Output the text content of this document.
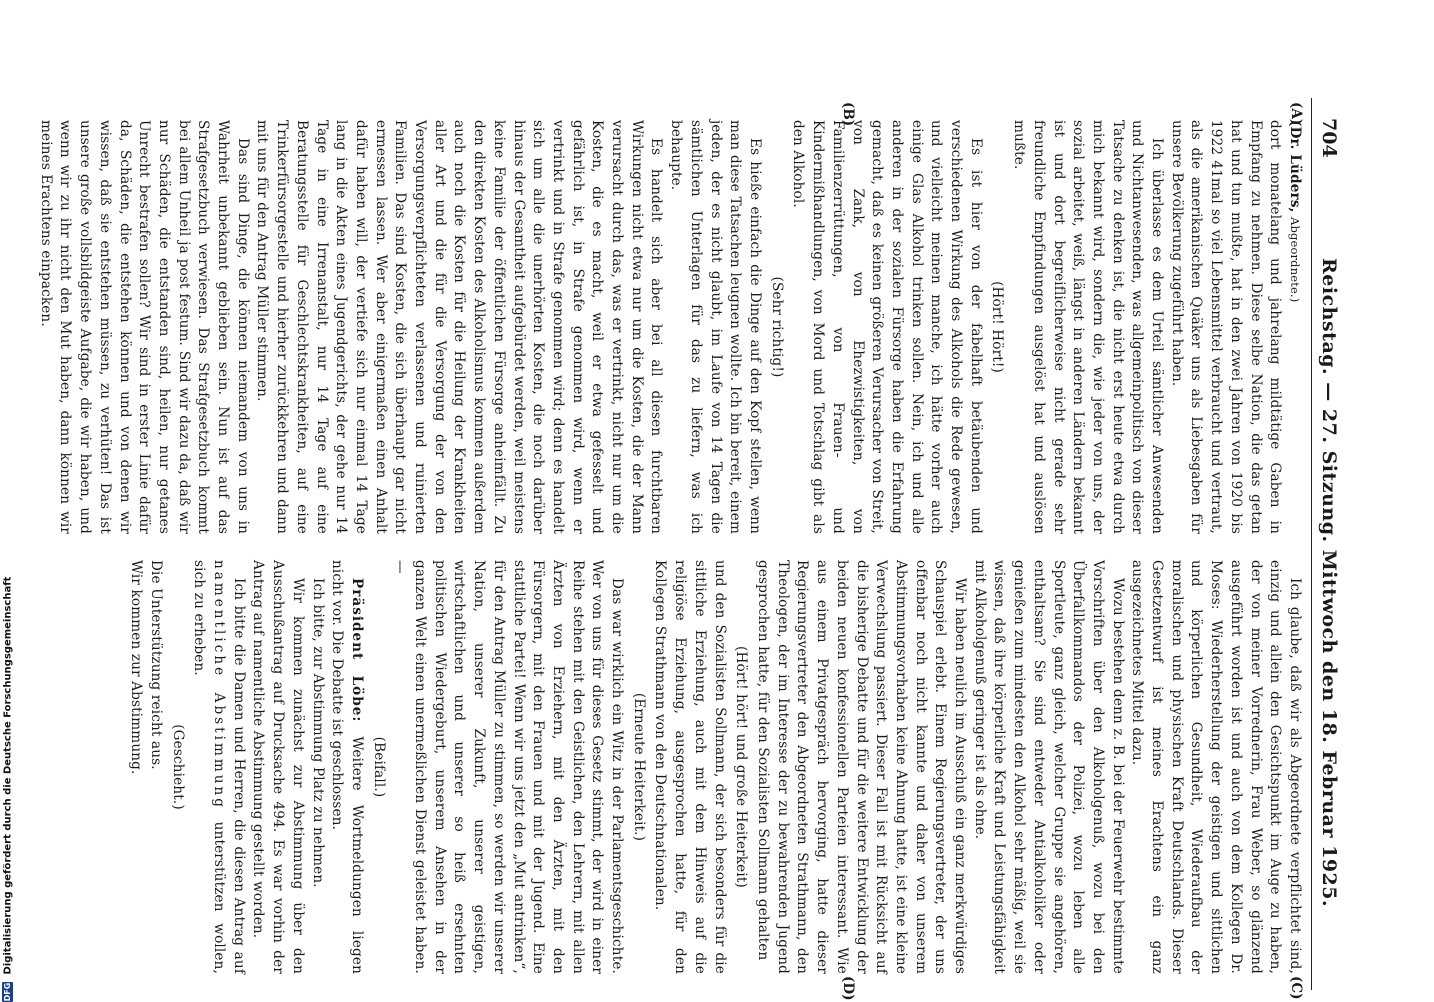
704
Reichstag. — 27. Sitzung. Mittwoch den 18. Februar 1925.
(A)
(B)
(C)
(D)

(Dr. Lüders, Abgeordnete.)

dort monatelang und jahrelang mildtätige Gaben in Empfang zu nehmen. Diese selbe Nation, die das getan hat und tun mußte, hat in den zwei Jahren von 1920 bis 1922 41mal so viel Lebensmittel verbraucht und vertraut, als die amerikanischen Quäker uns als Liebesgaben für unsere Bevölkerung zugeführt haben.

Ich überlasse es dem Urteil sämtlicher Anwesenden und Nichtanwesenden, was allgemeinpolitisch von dieser Tatsache zu denken ist, die nicht erst heute etwa durch mich bekannt wird, sondern die, wie jeder von uns, der sozial arbeitet, weiß, längst in anderen Ländern bekannt ist und dort begreiflicherweise nicht gerade sehr freundliche Empfindungen ausgelöst hat und auslösen mußte.

(Hört! Hört!)

Es ist hier von der fabelhaft betäubenden und verschiedenen Wirkung des Alkohols die Rede gewesen, und vielleicht meinen manche, ich hätte vorher auch einige Glas Alkohol trinken sollen. Nein, ich und alle anderen in der sozialen Fürsorge haben die Erfahrung gemacht, daß es keinen größeren Verursacher von Streit, von Zank, von Ehezwistigkeiten, von Familienzerrüttungen, von Frauen- und Kindermißhandlungen, von Mord und Totschlag gibt als den Alkohol.

(Sehr richtig!)

Es hieße einfach die Dinge auf den Kopf stellen, wenn man diese Tatsachen leugnen wollte. Ich bin bereit, einem jeden, der es nicht glaubt, im Laufe von 14 Tagen die sämtlichen Unterlagen für das zu liefern, was ich behaupte.

Es handelt sich aber bei all diesen furchtbaren Wirkungen nicht etwa nur um die Kosten, die der Mann verursacht durch das, was er vertrinkt, nicht nur um die Kosten, die es macht, weil er etwa gefesselt und gefährlich ist, in Strafe genommen wird, wenn er vertrinkt und in Strafe genommen wird; denn es handelt sich um alle die unerhörten Kosten, die noch darüber hinaus der Gesamtheit aufgebürdet werden, weil meistens keine Familie der öffentlichen Fürsorge anheimfällt. Zu den direkten Kosten des Alkoholismus kommen außerdem auch noch die Kosten für die Heilung der Krankheiten aller Art und die für die Versorgung der von den Versorgungsverpflichteten verlassenen und ruinierten Familien. Das sind Kosten, die sich überhaupt gar nicht ermessen lassen. Wer aber einigermaßen einen Anhalt dafür haben will, der vertiefe sich nur einmal 14 Tage lang in die Akten eines Jugendgerichts, der gehe nur 14 Tage in eine Irrenanstalt, nur 14 Tage auf eine Beratungsstelle für Geschlechtskrankheiten, auf eine Trinkerfürsorgestelle und hierher zurückkehren und dann mit uns für den Antrag Müller stimmen.

Das sind Dinge, die können niemandem von uns in Wahrheit unbekannt geblieben sein. Nun ist auf das Strafgesetzbuch verwiesen. Das Strafgesetzbuch kommt bei allem Unheil ja post festum. Sind wir dazu da, daß wir nur Schäden, die entstanden sind, heilen, nur getanes Unrecht bestrafen sollen? Wir sind in erster Linie dafür da, Schäden, die entstehen können und von denen wir wissen, daß sie entstehen müssen, zu verhüten! Das ist unsere große vollsbildgeiste Aufgabe, die wir haben, und wenn wir zu ihr nicht den Mut haben, dann können wir meines Erachtens einpacken.

Ich glaube, daß wir als Abgeordnete verpflichtet sind, einzig und allein den Gesichtspunkt im Auge zu haben, der von meiner Vorrednerin, Frau Weber, so glänzend ausgeführt worden ist und auch von dem Kollegen Dr. Moses: Wiederherstellung der geistigen und sittlichen und körperlichen Gesundheit, Wiederaufbau der moralischen und physischen Kraft Deutschlands. Dieser Gesetzentwurf ist meines Erachtens ein ganz ausgezeichnetes Mittel dazu.

Wozu bestehen denn z. B. bei der Feuerwehr bestimmte Vorschriften über den Alkoholgenuß, wozu bei den Überfallkommandos der Polizei, wozu leben alle Sportleute, ganz gleich, welcher Gruppe sie angehören, enthaltsam? Sie sind entweder Antialkoholiker oder genießen zum mindesten den Alkohol sehr mäßig, weil sie wissen, daß ihre körperliche Kraft und Leistungsfähigkeit mit Alkoholgenuß geringer ist als ohne.

Wir haben neulich im Ausschuß ein ganz merkwürdiges Schauspiel erlebt. Einem Regierungsvertreter, der uns offenbar noch nicht kannte und daher von unserem Abstimmungsvorhaben keine Ahnung hatte, ist eine kleine Verwechslung passiert. Dieser Fall ist mit Rücksicht auf die bisherige Debatte und für die weitere Entwicklung der beiden neuen konfessionellen Parteien interessant. Wie aus einem Privatgespräch hervorging, hatte dieser Regierungsvertreter den Abgeordneten Strathmann, den Theologen, der im Interesse der zu bewahrenden Jugend gesprochen hatte, für den Sozialisten Sollmann gehalten

(Hört! hört! und große Heiterkeit)

und den Sozialisten Sollmann, der sich besonders für die sittliche Erziehung, auch mit dem Hinweis auf die religiöse Erziehung, ausgesprochen hatte, für den Kollegen Strathmann von den Deutschnationalen.

(Erneute Heiterkeit.)

Das war wirklich ein Witz in der Parlamentsgeschichte. Wer von uns für dieses Gesetz stimmt, der wird in einer Reihe stehen mit den Geistlichen, den Lehrern, mit allen Ärzten von Erziehern, mit den Ärzten, mit den Fürsorgern, mit den Frauen und mit der Jugend. Eine stattliche Partei! Wenn wir uns jetzt den „Mut antrinken“, für den Antrag Müller zu stimmen, so werden wir unserer Nation, unserer Zukunft, unserer geistigen, wirtschaftlichen und unserer so heiß ersehnten politischen Wiedergeburt, unserem Ansehen in der ganzen Welt einen unermeßlichen Dienst geleistet haben. —

(Beifall.)

Präsident Löbe: Weitere Wortmeldungen liegen nicht vor. Die Debatte ist geschlossen.

Ich bitte, zur Abstimmung Platz zu nehmen.

Wir kommen zunächst zur Abstimmung über den Ausschußantrag auf Drucksache 494. Es war vorhin der Antrag auf namentliche Abstimmung gestellt worden.

Ich bitte die Damen und Herren, die diesen Antrag auf namentliche Abstimmung unterstützen wollen, sich zu erheben.

(Geschieht.)

Die Unterstützung reicht aus.

Wir kommen zur Abstimmung.

DFG Digitalisierung gefördert durch die Deutsche Forschungsgemeinschaft
